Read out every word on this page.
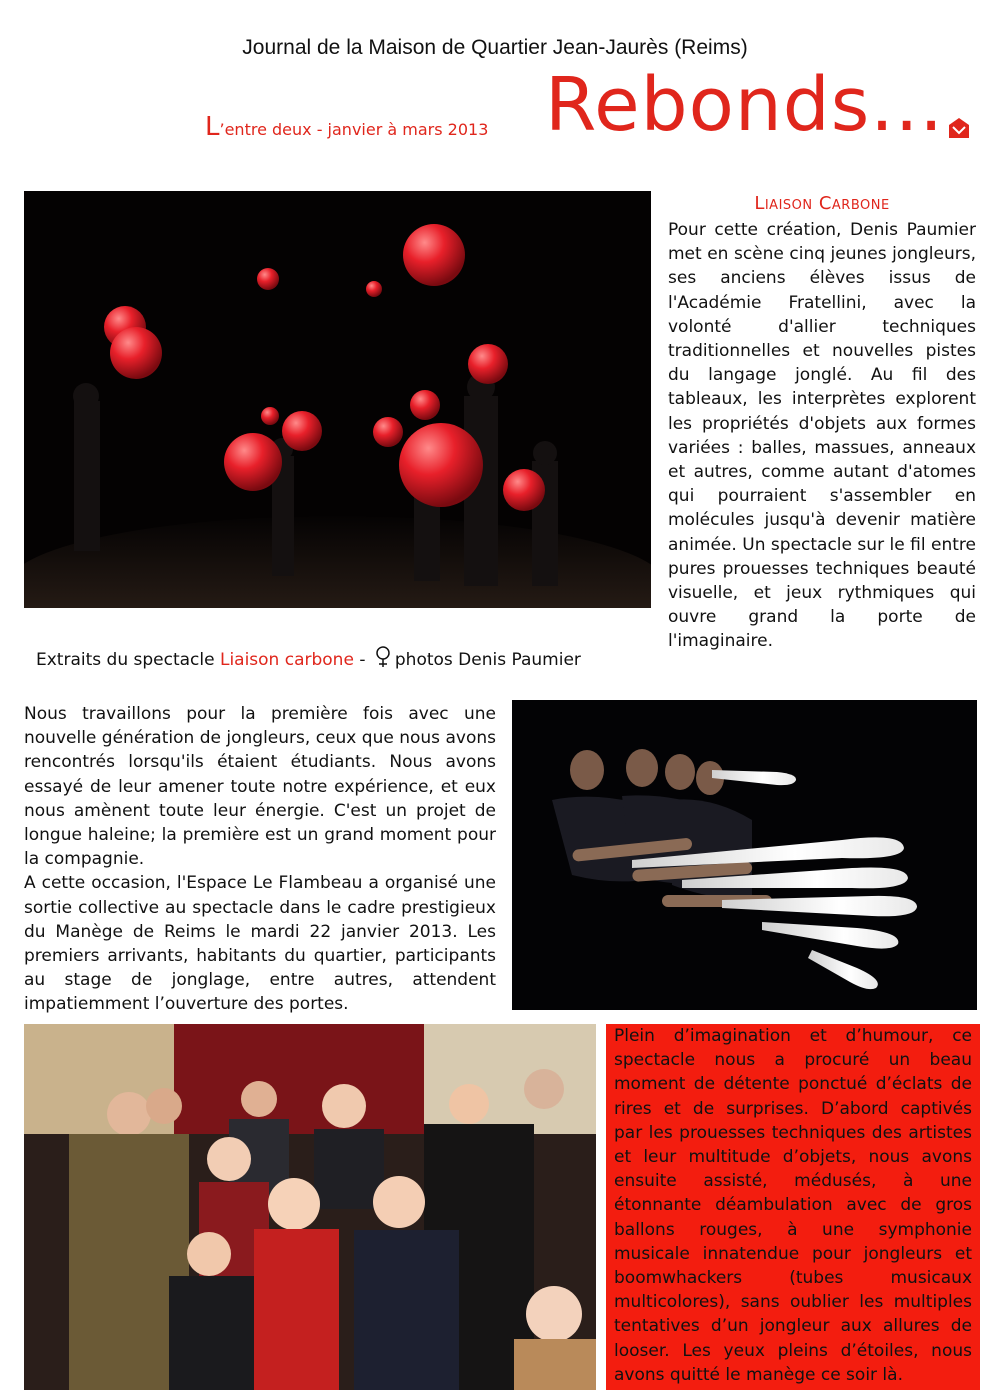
Journal de la Maison de Quartier Jean-Jaurès (Reims)
L’entre deux - janvier à mars 2013 Rebonds...
Extraits du spectacle Liaison carbone - photos Denis Paumier
Liaison Carbone
Pour cette création, Denis Paumier met en scène cinq jeunes jongleurs, ses anciens élèves issus de l'Académie Fratellini, avec la volonté d'allier techniques traditionnelles et nouvelles pistes du langage jonglé. Au fil des tableaux, les interprètes explorent les propriétés d'objets aux formes variées : balles, massues, anneaux et autres, comme autant d'atomes qui pourraient s'assembler en molécules jusqu'à devenir matière animée. Un spectacle sur le fil entre pures prouesses techniques beauté visuelle, et jeux rythmiques qui ouvre grand la porte de l'imaginaire.

Nous travaillons pour la première fois avec une nouvelle génération de jongleurs, ceux que nous avons rencontrés lorsqu'ils étaient étudiants. Nous avons essayé de leur amener toute notre expérience, et eux nous amènent toute leur énergie. C'est un projet de longue haleine; la première est un grand moment pour la compagnie.

A cette occasion, l'Espace Le Flambeau a organisé une sortie collective au spectacle dans le cadre prestigieux du Manège de Reims le mardi 22 janvier 2013. Les premiers arrivants, habitants du quartier, participants au stage de jonglage, entre autres, attendent impatiemment l’ouverture des portes.

Plein d’imagination et d’humour, ce spectacle nous a procuré un beau moment de détente ponctué d’éclats de rires et de surprises. D’abord captivés par les prouesses techniques des artistes et leur multitude d’objets, nous avons ensuite assisté, médusés, à une étonnante déambulation avec de gros ballons rouges, à une symphonie musicale innatendue pour jongleurs et boomwhackers (tubes musicaux multicolores), sans oublier les multiples tentatives d’un jongleur aux allures de looser. Les yeux pleins d’étoiles, nous avons quitté le manège ce soir là.
